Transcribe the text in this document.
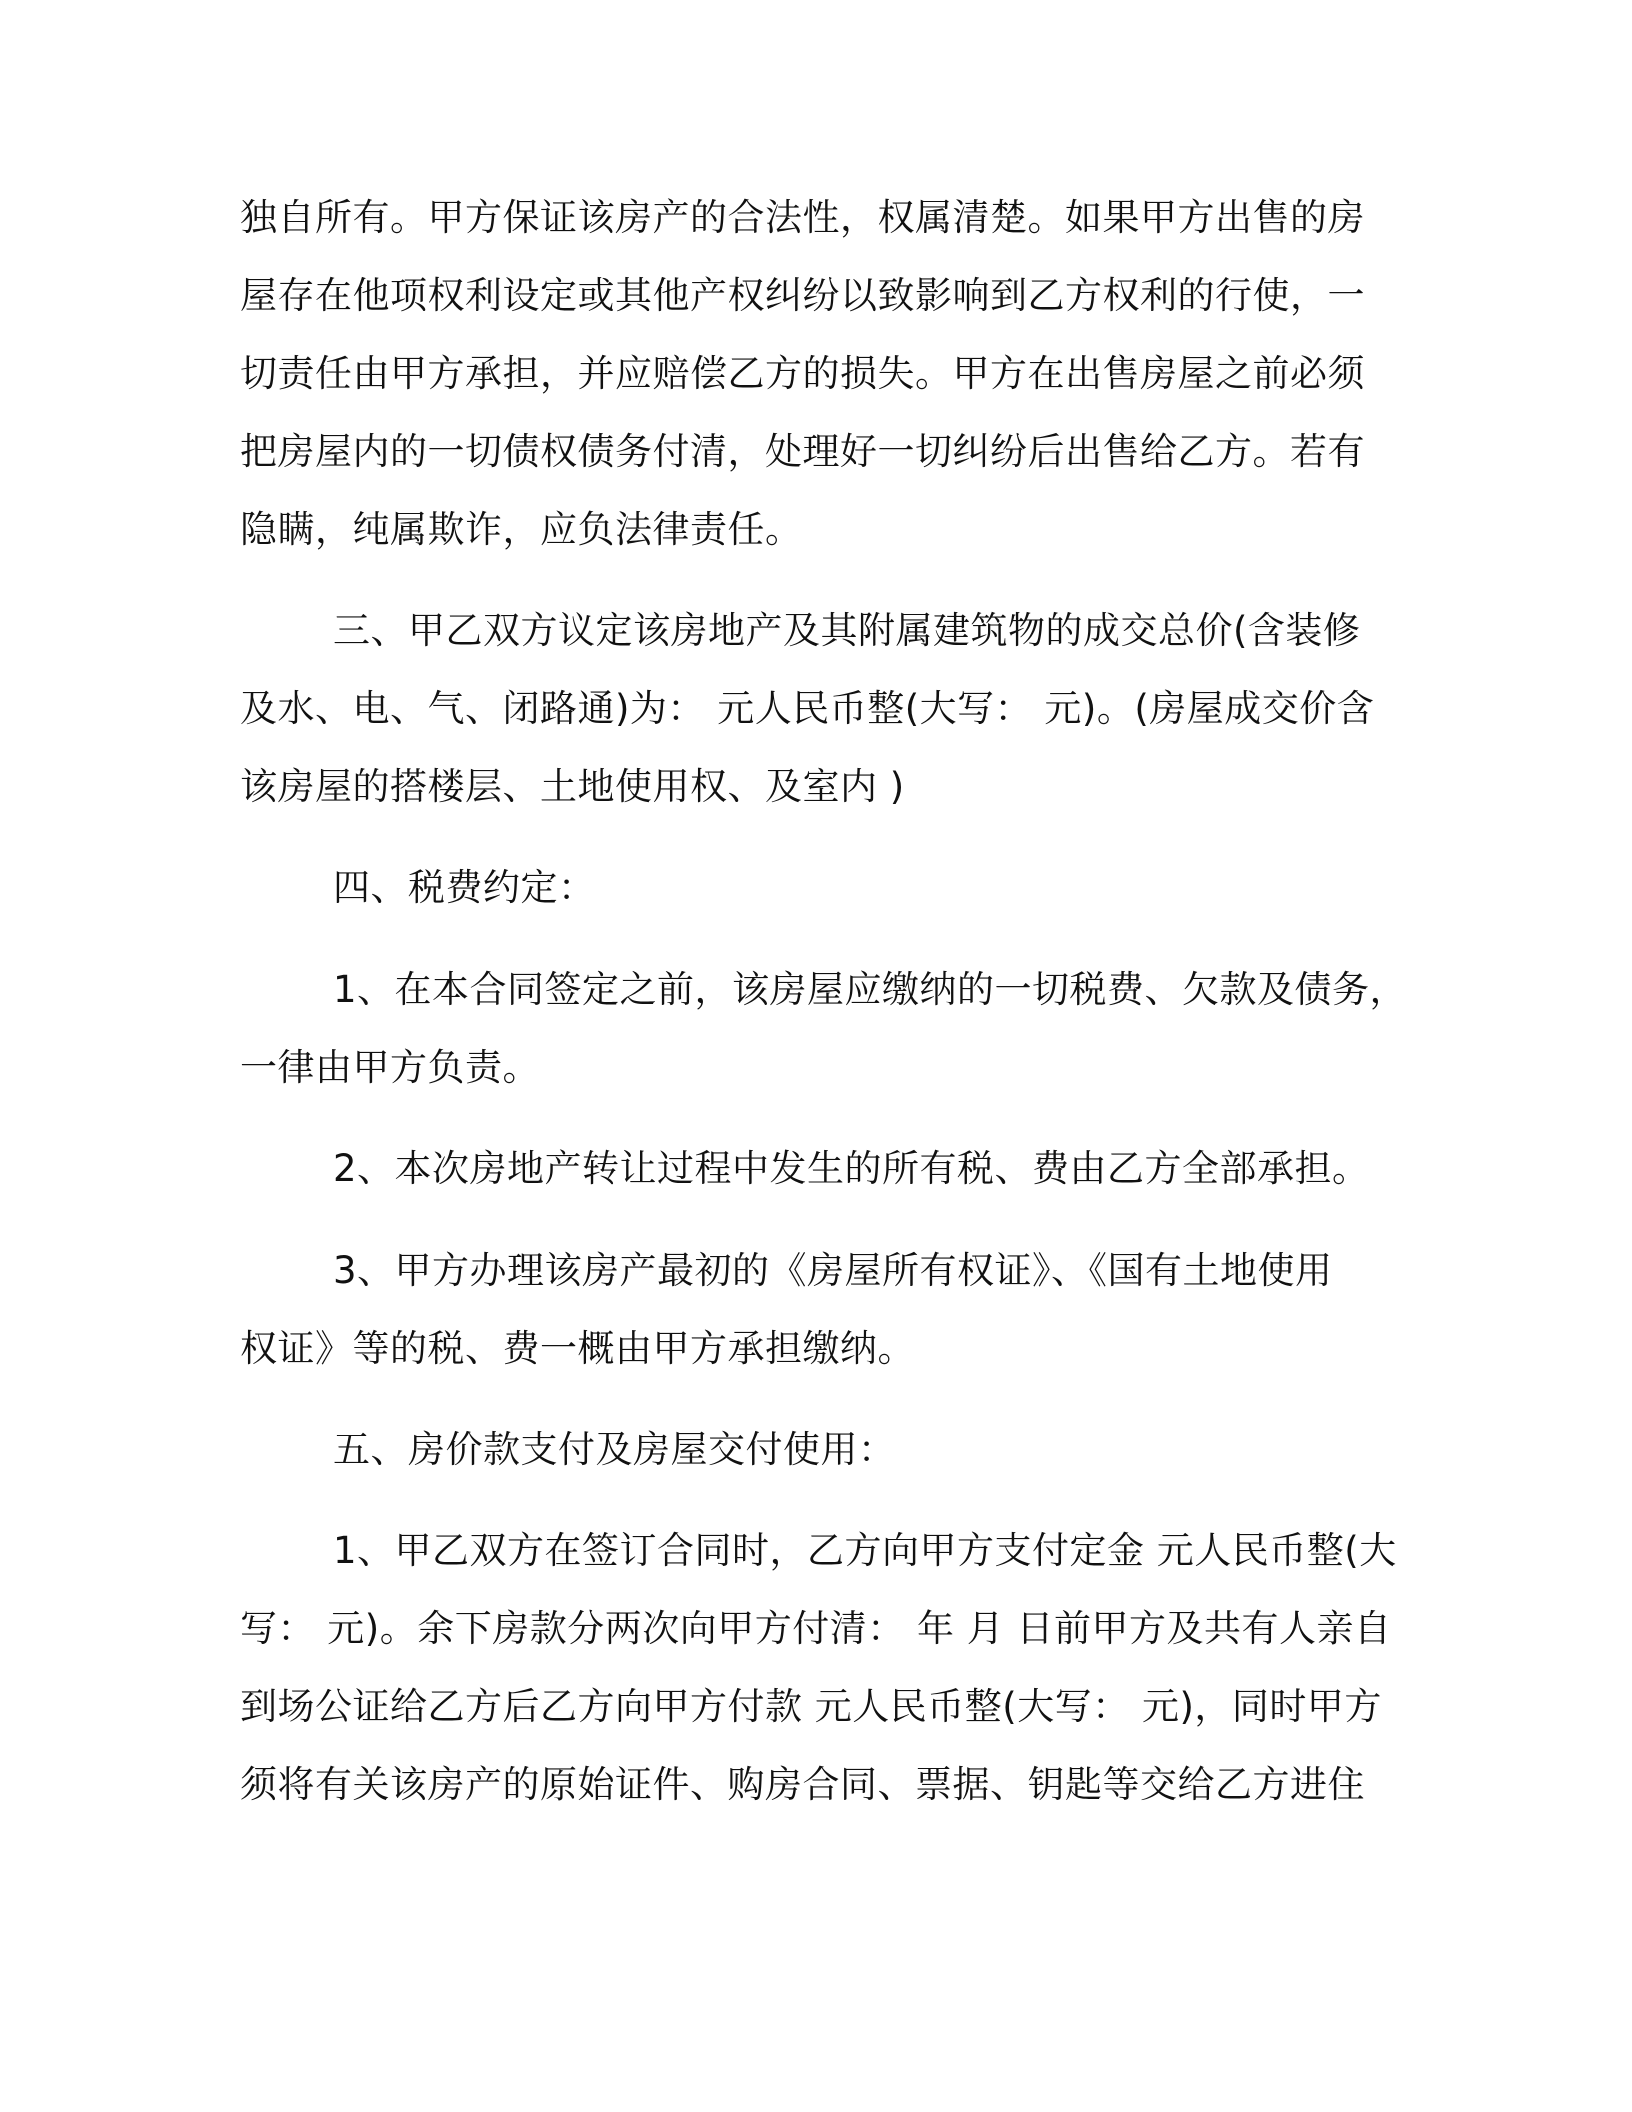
独自所有。甲方保证该房产的合法性，权属清楚。如果甲方出售的房

屋存在他项权利设定或其他产权纠纷以致影响到乙方权利的行使，一

切责任由甲方承担，并应赔偿乙方的损失。甲方在出售房屋之前必须

把房屋内的一切债权债务付清，处理好一切纠纷后出售给乙方。若有

隐瞒，纯属欺诈，应负法律责任。

三、甲乙双方议定该房地产及其附属建筑物的成交总价(含装修

及水、电、气、闭路通)为： 元人民币整(大写： 元)。(房屋成交价含

该房屋的搭楼层、土地使用权、及室内 )

四、税费约定：

1、在本合同签定之前，该房屋应缴纳的一切税费、欠款及债务，

一律由甲方负责。

2、本次房地产转让过程中发生的所有税、费由乙方全部承担。

3、甲方办理该房产最初的《房屋所有权证》、《国有土地使用

权证》等的税、费一概由甲方承担缴纳。

五、房价款支付及房屋交付使用：

1、甲乙双方在签订合同时，乙方向甲方支付定金 元人民币整(大

写： 元)。余下房款分两次向甲方付清： 年 月 日前甲方及共有人亲自

到场公证给乙方后乙方向甲方付款 元人民币整(大写： 元)，同时甲方

须将有关该房产的原始证件、购房合同、票据、钥匙等交给乙方进住
